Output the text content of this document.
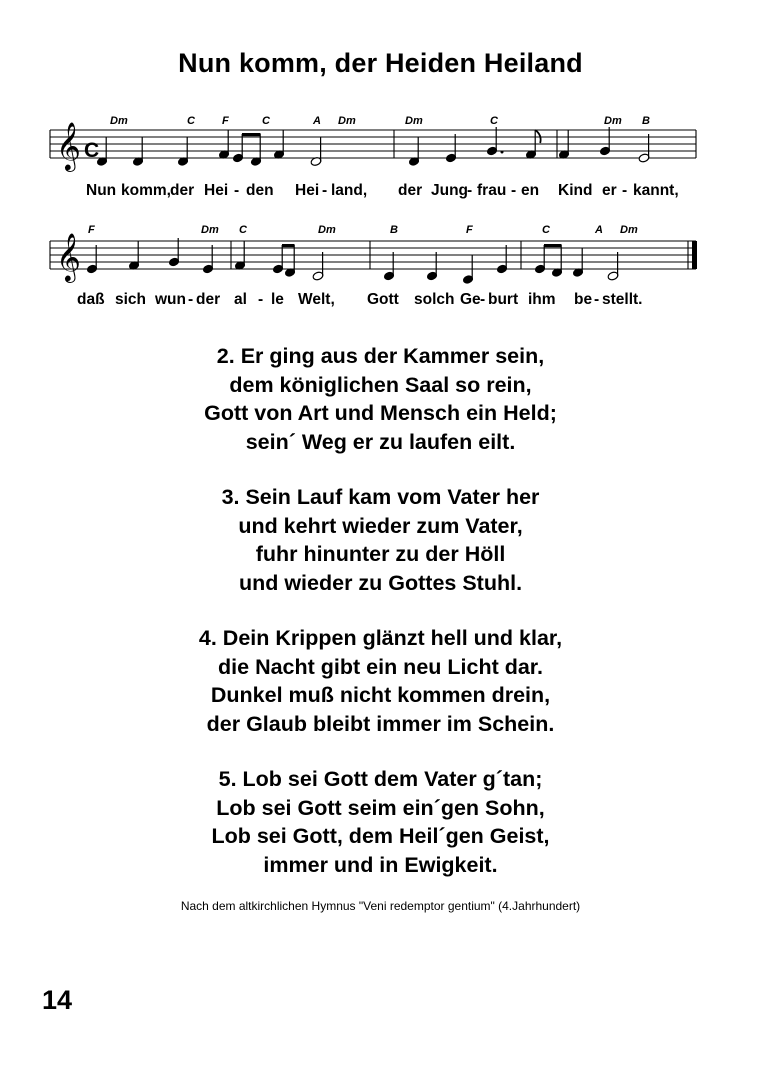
Nun komm, der Heiden Heiland
𝄞 C
Dm	C F	C	A Dm	Dm	C	Dm B
Nun komm, der Hei - den Hei - land, der Jung
- frau - en Kind er - kannt,
𝄞
F	Dm C	Dm	B	F	C	A Dm
daß sich wun - der al - le Welt, Gott solch Ge - burt ihm be - stellt.
2. Er ging aus der Kammer sein,
dem königlichen Saal so rein,
Gott von Art und Mensch ein Held;
sein´ Weg er zu laufen eilt.
3. Sein Lauf kam vom Vater her
und kehrt wieder zum Vater,
fuhr hinunter zu der Höll
und wieder zu Gottes Stuhl.
4. Dein Krippen glänzt hell und klar,
die Nacht gibt ein neu Licht dar.
Dunkel muß nicht kommen drein,
der Glaub bleibt immer im Schein.
5. Lob sei Gott dem Vater g´tan;
Lob sei Gott seim ein´gen Sohn,
Lob sei Gott, dem Heil´gen Geist,
immer und in Ewigkeit.
Nach dem altkirchlichen Hymnus "Veni redemptor gentium" (4.Jahrhundert)
14
